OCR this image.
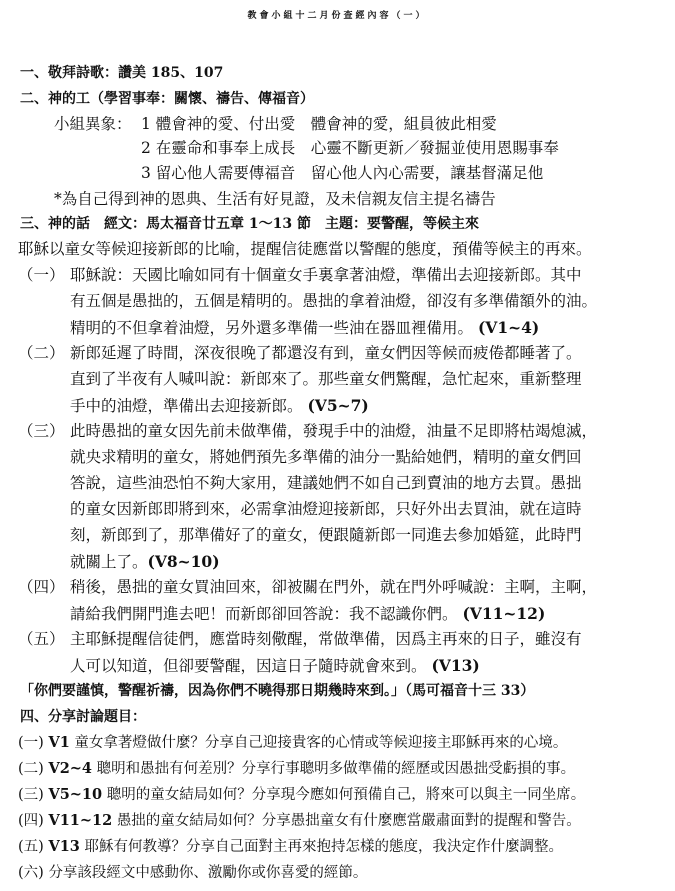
教會小組十二月份查經內容（一）
一、敬拜詩歌：讚美 185、107
二、神的工（學習事奉：關懷、禱告、傳福音）
小組異象： 1 體會神的愛、付出愛　體會神的愛，組員彼此相愛
2 在靈命和事奉上成長　心靈不斷更新／發掘並使用恩賜事奉
3 留心他人需要傳福音　留心他人內心需要，讓基督滿足他
*為自己得到神的恩典、生活有好見證，及未信親友信主提名禱告
三、神的話　經文：馬太福音廿五章 1～13 節　主題：要警醒，等候主來
耶穌以童女等候迎接新郎的比喻，提醒信徒應當以警醒的態度，預備等候主的再來。
（一） 耶穌說：天國比喻如同有十個童女手裏拿著油燈，準備出去迎接新郎。其中
有五個是愚拙的，五個是精明的。愚拙的拿着油燈，卻沒有多準備額外的油。
精明的不但拿着油燈，另外還多準備一些油在器皿裡備用。 (V1~4)
（二） 新郎延遲了時間，深夜很晚了都還沒有到，童女們因等候而疲倦都睡著了。
直到了半夜有人喊叫說：新郎來了。那些童女們驚醒，急忙起來，重新整理
手中的油燈，準備出去迎接新郎。 (V5~7)
（三） 此時愚拙的童女因先前未做準備，發現手中的油燈，油量不足即將枯竭熄滅，
就央求精明的童女，將她們預先多準備的油分一點給她們，精明的童女們回
答說，這些油恐怕不夠大家用，建議她們不如自己到賣油的地方去買。愚拙
的童女因新郎即將到來，必需拿油燈迎接新郎，只好外出去買油，就在這時
刻，新郎到了，那準備好了的童女，便跟隨新郎一同進去參加婚筵，此時門
就關上了。(V8~10)
（四） 稍後，愚拙的童女買油回來，卻被關在門外，就在門外呼喊說：主啊，主啊，
請給我們開門進去吧！而新郎卻回答說：我不認識你們。 (V11~12)
（五） 主耶穌提醒信徒們，應當時刻儆醒，常做準備，因爲主再來的日子，雖沒有
人可以知道，但卻要警醒，因這日子隨時就會來到。 (V13)
「你們要謹慎，警醒祈禱，因為你們不曉得那日期幾時來到。」（馬可福音十三 33）
四、分享討論題目：
(一) V1 童女拿著燈做什麼？分享自己迎接貴客的心情或等候迎接主耶穌再來的心境。
(二) V2~4 聰明和愚拙有何差別？分享行事聰明多做準備的經歷或因愚拙受虧損的事。
(三) V5~10 聰明的童女結局如何？分享現今應如何預備自己，將來可以與主一同坐席。
(四) V11~12 愚拙的童女結局如何？分享愚拙童女有什麼應當嚴肅面對的提醒和警告。
(五) V13 耶穌有何教導？分享自己面對主再來抱持怎樣的態度，我決定作什麼調整。
(六) 分享該段經文中感動你、激勵你或你喜愛的經節。
